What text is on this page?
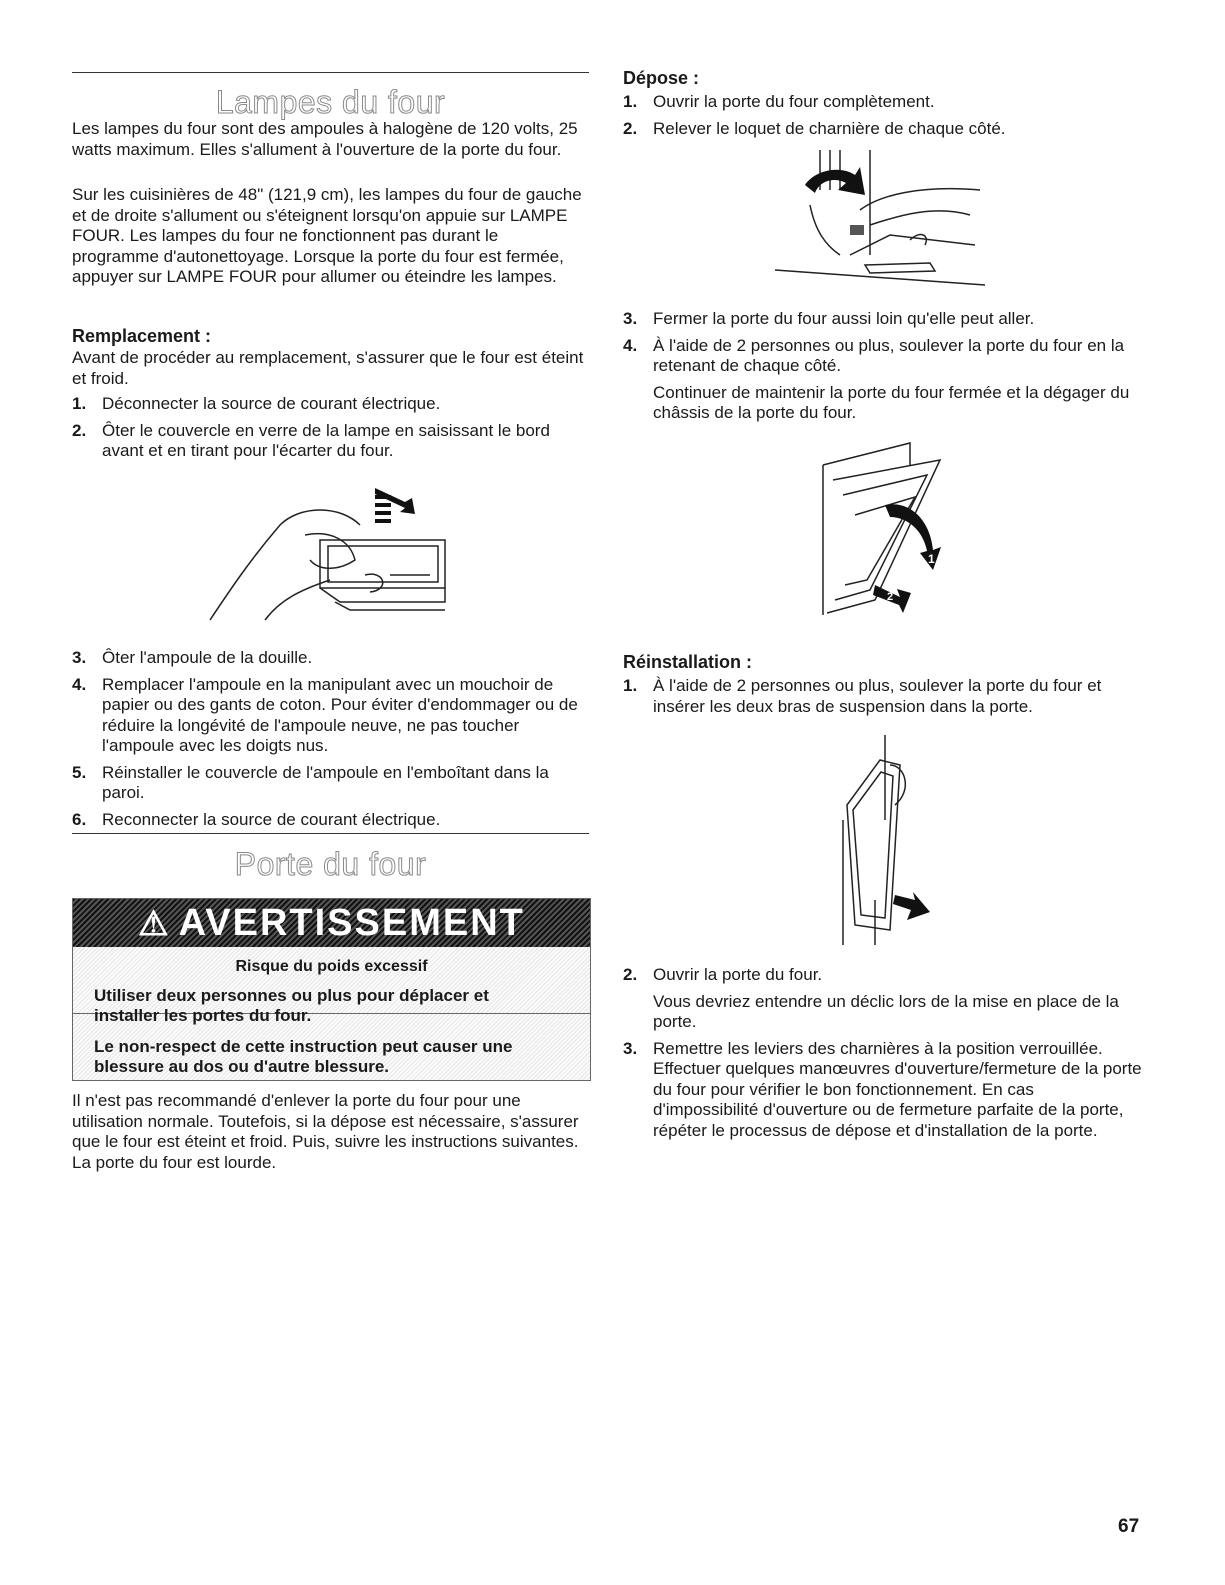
Lampes du four

Les lampes du four sont des ampoules à halogène de 120 volts, 25 watts maximum. Elles s'allument à l'ouverture de la porte du four.

Sur les cuisinières de 48" (121,9 cm), les lampes du four de gauche et de droite s'allument ou s'éteignent lorsqu'on appuie sur LAMPE FOUR. Les lampes du four ne fonctionnent pas durant le programme d'autonettoyage. Lorsque la porte du four est fermée, appuyer sur LAMPE FOUR pour allumer ou éteindre les lampes.

Remplacement :

Avant de procéder au remplacement, s'assurer que le four est éteint et froid.

1. Déconnecter la source de courant électrique.
2. Ôter le couvercle en verre de la lampe en saisissant le bord avant et en tirant pour l'écarter du four.
3. Ôter l'ampoule de la douille.
4. Remplacer l'ampoule en la manipulant avec un mouchoir de papier ou des gants de coton. Pour éviter d'endommager ou de réduire la longévité de l'ampoule neuve, ne pas toucher l'ampoule avec les doigts nus.
5. Réinstaller le couvercle de l'ampoule en l'emboîtant dans la paroi.
6. Reconnecter la source de courant électrique.
Porte du four
⚠ AVERTISSEMENT
Risque du poids excessif
Utiliser deux personnes ou plus pour déplacer et installer les portes du four.
Le non-respect de cette instruction peut causer une blessure au dos ou d'autre blessure.

Il n'est pas recommandé d'enlever la porte du four pour une utilisation normale. Toutefois, si la dépose est nécessaire, s'assurer que le four est éteint et froid. Puis, suivre les instructions suivantes. La porte du four est lourde.

Dépose :
1. Ouvrir la porte du four complètement.
2. Relever le loquet de charnière de chaque côté.
3. Fermer la porte du four aussi loin qu'elle peut aller.
4. À l'aide de 2 personnes ou plus, soulever la porte du four en la retenant de chaque côté.
Continuer de maintenir la porte du four fermée et la dégager du châssis de la porte du four.
1
2
Réinstallation :
1. À l'aide de 2 personnes ou plus, soulever la porte du four et insérer les deux bras de suspension dans la porte.
2. Ouvrir la porte du four.
Vous devriez entendre un déclic lors de la mise en place de la porte.
3. Remettre les leviers des charnières à la position verrouillée. Effectuer quelques manœuvres d'ouverture/fermeture de la porte du four pour vérifier le bon fonctionnement. En cas d'impossibilité d'ouverture ou de fermeture parfaite de la porte, répéter le processus de dépose et d'installation de la porte.
67
